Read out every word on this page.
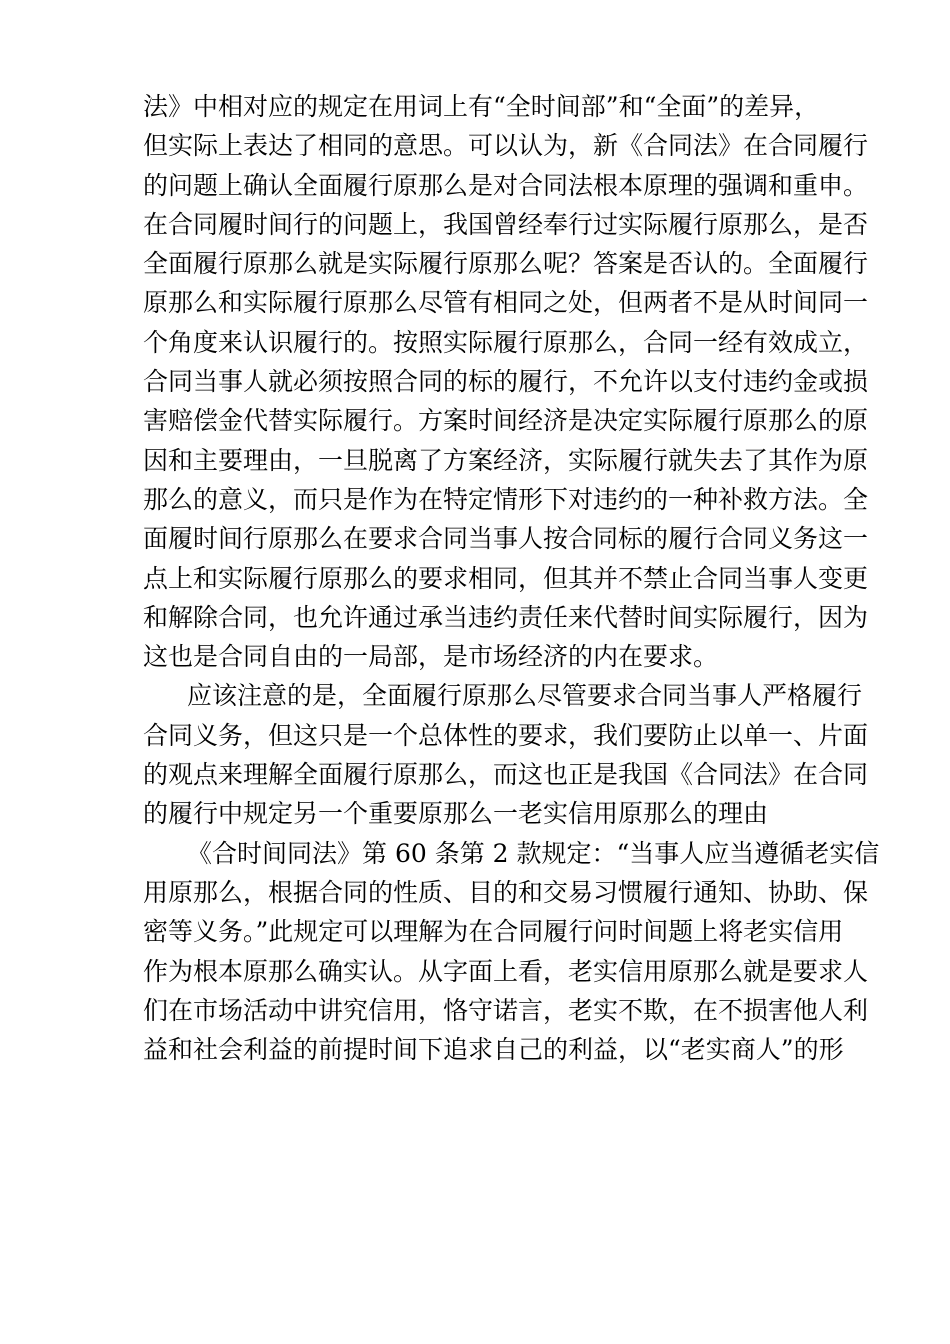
法》中相对应的规定在用词上有“全时间部”和“全面”的差异，
但实际上表达了相同的意思。可以认为，新《合同法》在合同履行
的问题上确认全面履行原那么是对合同法根本原理的强调和重申。
在合同履时间行的问题上，我国曾经奉行过实际履行原那么，是否
全面履行原那么就是实际履行原那么呢？答案是否认的。全面履行
原那么和实际履行原那么尽管有相同之处，但两者不是从时间同一
个角度来认识履行的。按照实际履行原那么，合同一经有效成立，
合同当事人就必须按照合同的标的履行，不允许以支付违约金或损
害赔偿金代替实际履行。方案时间经济是决定实际履行原那么的原
因和主要理由，一旦脱离了方案经济，实际履行就失去了其作为原
那么的意义，而只是作为在特定情形下对违约的一种补救方法。全
面履时间行原那么在要求合同当事人按合同标的履行合同义务这一
点上和实际履行原那么的要求相同，但其并不禁止合同当事人变更
和解除合同，也允许通过承当违约责任来代替时间实际履行，因为
这也是合同自由的一局部，是市场经济的内在要求。
应该注意的是，全面履行原那么尽管要求合同当事人严格履行
合同义务，但这只是一个总体性的要求，我们要防止以单一、片面
的观点来理解全面履行原那么，而这也正是我国《合同法》在合同
的履行中规定另一个重要原那么一老实信用原那么的理由
《合时间同法》第 60 条第 2 款规定：“当事人应当遵循老实信
用原那么，根据合同的性质、目的和交易习惯履行通知、协助、保
密等义务。”此规定可以理解为在合同履行问时间题上将老实信用
作为根本原那么确实认。从字面上看，老实信用原那么就是要求人
们在市场活动中讲究信用，恪守诺言，老实不欺，在不损害他人利
益和社会利益的前提时间下追求自己的利益，以“老实商人”的形
